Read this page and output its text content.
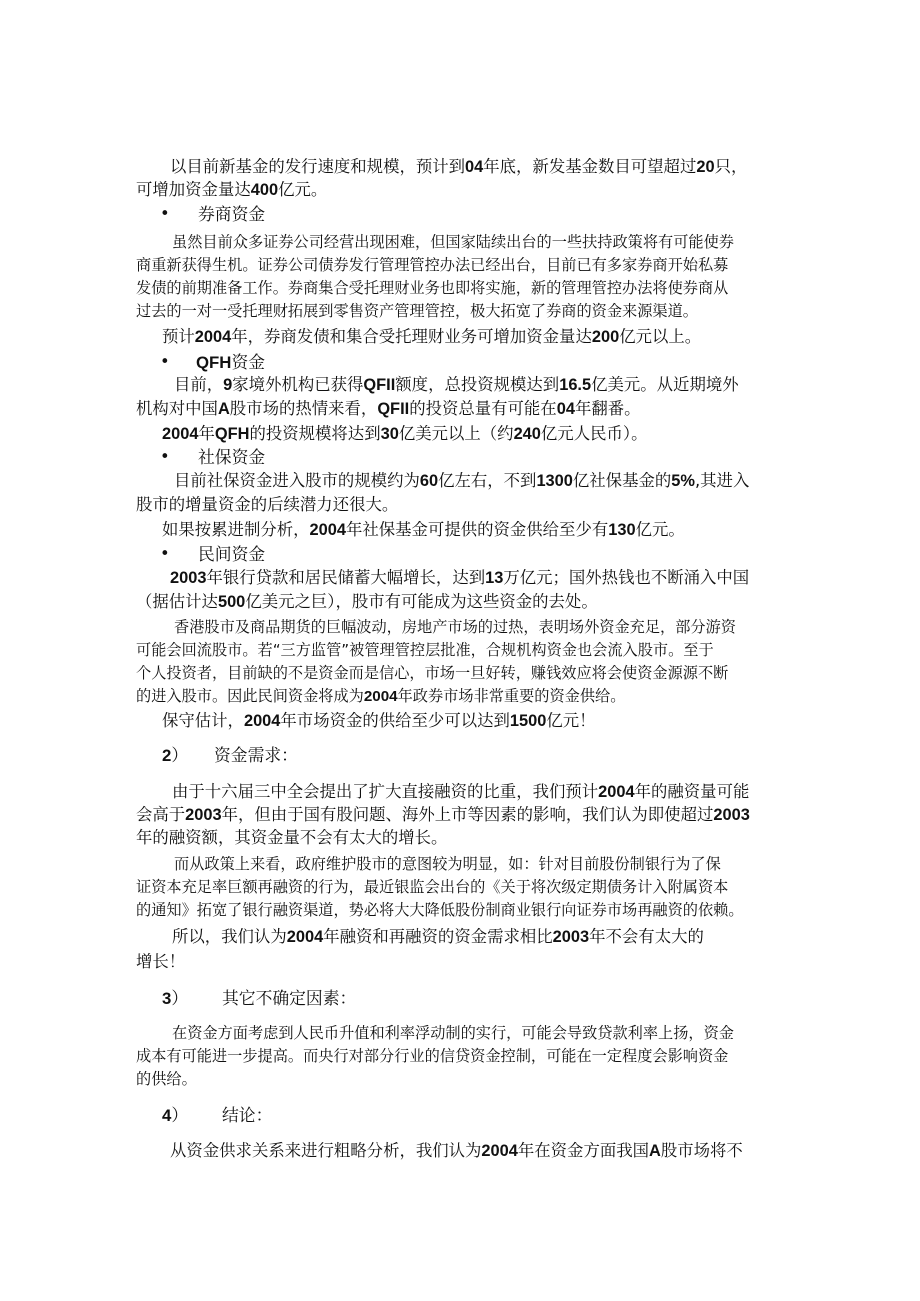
以目前新基金的发行速度和规模，预计到04年底，新发基金数目可望超过20只，
可增加资金量达400亿元。
• 券商资金
虽然目前众多证券公司经营出现困难，但国家陆续出台的一些扶持政策将有可能使券
商重新获得生机。证券公司债券发行管理管控办法已经出台，目前已有多家券商开始私募
发债的前期准备工作。券商集合受托理财业务也即将实施，新的管理管控办法将使券商从
过去的一对一受托理财拓展到零售资产管理管控，极大拓宽了券商的资金来源渠道。
预计2004年，券商发债和集合受托理财业务可增加资金量达200亿元以上。
• QFH资金
目前，9家境外机构已获得QFII额度，总投资规模达到16.5亿美元。从近期境外
机构对中国A股市场的热情来看，QFII的投资总量有可能在04年翻番。
2004年QFH的投资规模将达到30亿美元以上（约240亿元人民币）。
• 社保资金
目前社保资金进入股市的规模约为60亿左右，不到1300亿社保基金的5%,其进入
股市的增量资金的后续潜力还很大。
如果按累进制分析，2004年社保基金可提供的资金供给至少有130亿元。
• 民间资金
2003年银行贷款和居民储蓄大幅增长，达到13万亿元；国外热钱也不断涌入中国
（据估计达500亿美元之巨），股市有可能成为这些资金的去处。
香港股市及商品期货的巨幅波动，房地产市场的过热，表明场外资金充足，部分游资
可能会回流股市。若“三方监管”被管理管控层批准，合规机构资金也会流入股市。至于
个人投资者，目前缺的不是资金而是信心，市场一旦好转，赚钱效应将会使资金源源不断
的进入股市。因此民间资金将成为2004年政券市场非常重要的资金供给。
保守估计，2004年市场资金的供给至少可以达到1500亿元！
2） 资金需求：
由于十六届三中全会提出了扩大直接融资的比重，我们预计2004年的融资量可能
会高于2003年，但由于国有股问题、海外上市等因素的影响，我们认为即使超过2003
年的融资额，其资金量不会有太大的增长。
而从政策上来看，政府维护股市的意图较为明显，如：针对目前股份制银行为了保
证资本充足率巨额再融资的行为，最近银监会出台的《关于将次级定期债务计入附属资本
的通知》拓宽了银行融资渠道，势必将大大降低股份制商业银行向证券市场再融资的依赖。
所以，我们认为2004年融资和再融资的资金需求相比2003年不会有太大的
增长！
3） 其它不确定因素：
在资金方面考虑到人民币升值和利率浮动制的实行，可能会导致贷款利率上扬，资金
成本有可能进一步提高。而央行对部分行业的信贷资金控制，可能在一定程度会影响资金
的供给。
4） 结论：
从资金供求关系来进行粗略分析，我们认为2004年在资金方面我国A股市场将不
